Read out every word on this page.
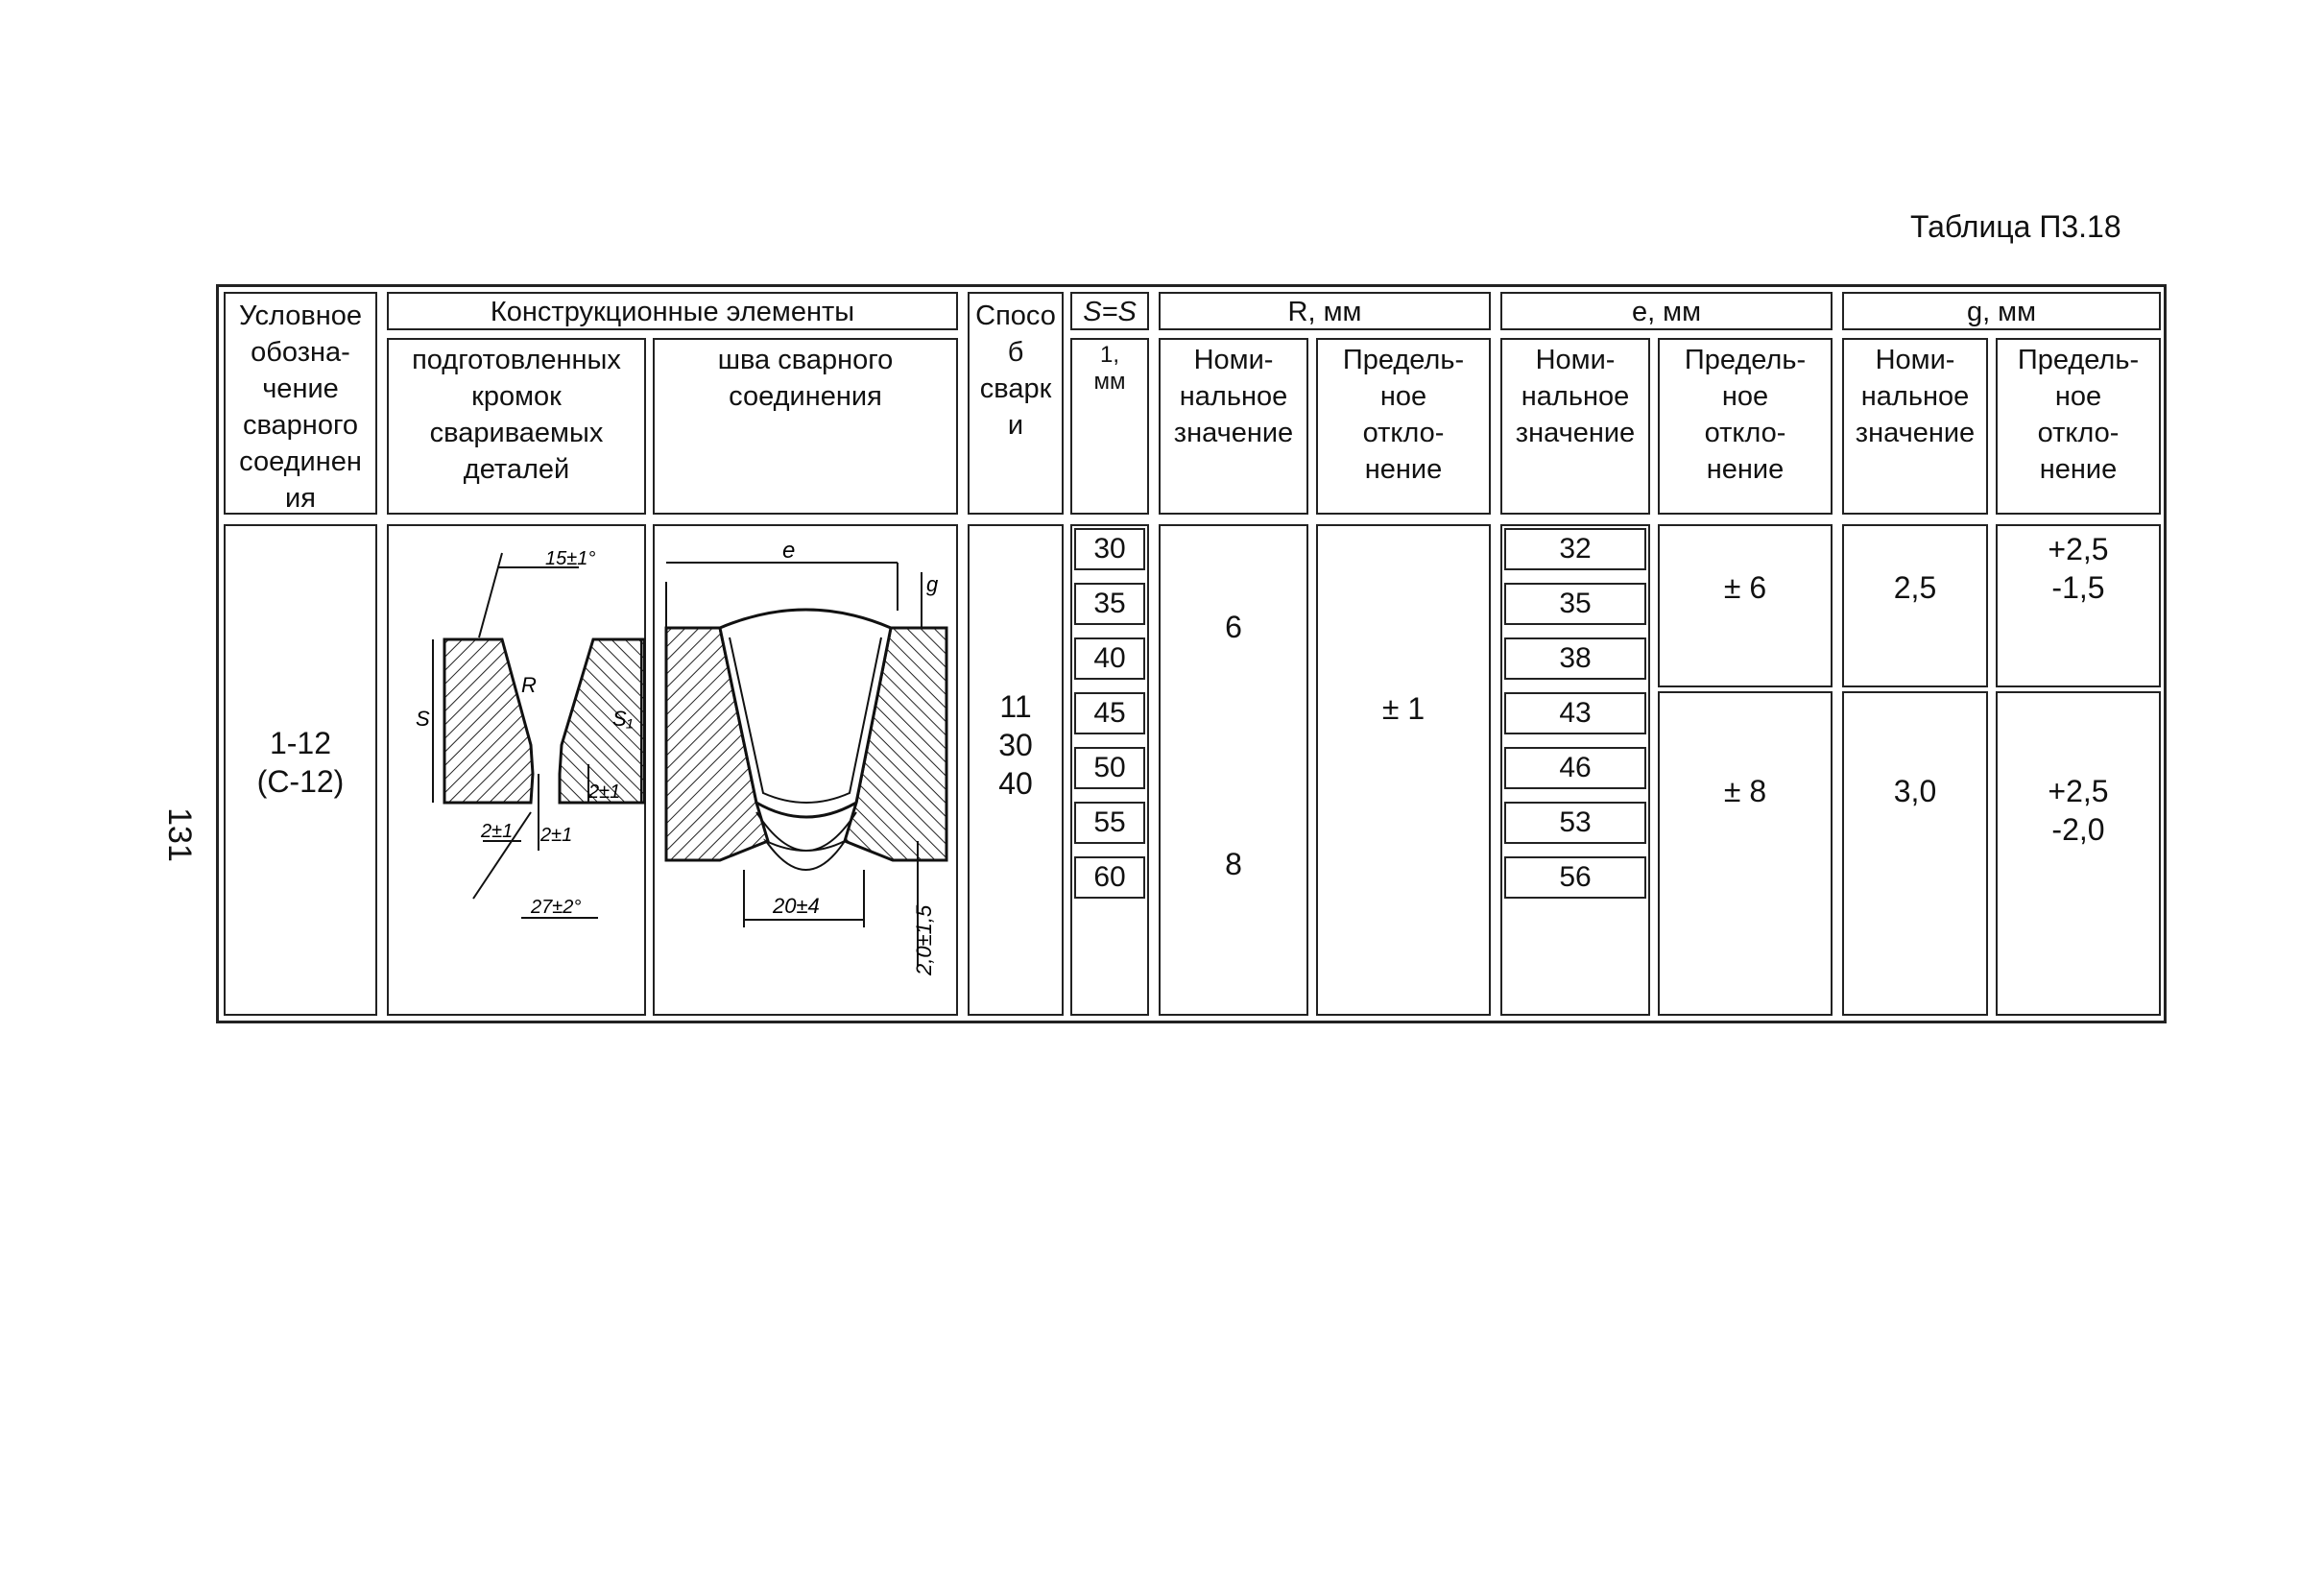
Таблица П3.18
131
Условное
обозна-
чение
сварного
соединен
ия
Конструкционные элементы
подготовленных
кромок
свариваемых
деталей
шва сварного
соединения
Спосо
б
сварк
и
S=S
1,
мм
R, мм
Номи-
нальное
значение
Предель-
ное
откло-
нение
e, мм
Номи-
нальное
значение
Предель-
ное
откло-
нение
g, мм
Номи-
нальное
значение
Предель-
ное
откло-
нение
1-12
(С-12)
11
30
40
30
35
40
45
50
55
60
6
8
± 1
32
35
38
43
46
53
56
± 6
± 8
2,5
3,0
+2,5
-1,5
+2,5
-2,0
15±1°
R
S	S₁
2±1 2±1
2±1
27±2°
e
g
20±4	2,0±1,5
